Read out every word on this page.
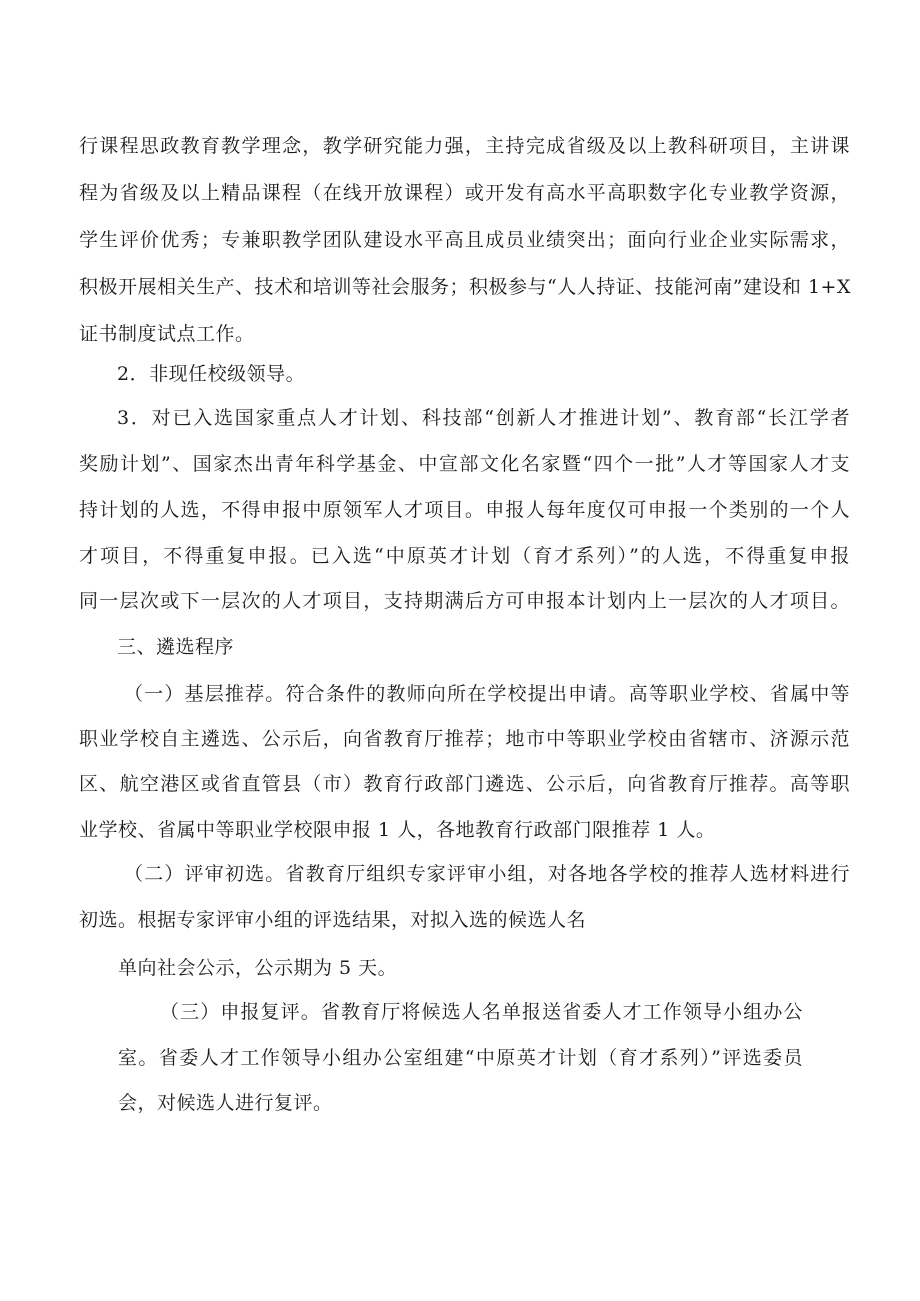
行课程思政教育教学理念，教学研究能力强，主持完成省级及以上教科研项目，主讲课

程为省级及以上精品课程（在线开放课程）或开发有高水平高职数字化专业教学资源，

学生评价优秀；专兼职教学团队建设水平高且成员业绩突出；面向行业企业实际需求，

积极开展相关生产、技术和培训等社会服务；积极参与“人人持证、技能河南”建设和 1+X

证书制度试点工作。

2．非现任校级领导。

3．对已入选国家重点人才计划、科技部“创新人才推进计划”、教育部“长江学者

奖励计划”、国家杰出青年科学基金、中宣部文化名家暨“四个一批”人才等国家人才支

持计划的人选，不得申报中原领军人才项目。申报人每年度仅可申报一个类别的一个人

才项目，不得重复申报。已入选“中原英才计划（育才系列）”的人选，不得重复申报

同一层次或下一层次的人才项目，支持期满后方可申报本计划内上一层次的人才项目。

三、遴选程序

（一）基层推荐。符合条件的教师向所在学校提出申请。高等职业学校、省属中等

职业学校自主遴选、公示后，向省教育厅推荐；地市中等职业学校由省辖市、济源示范

区、航空港区或省直管县（市）教育行政部门遴选、公示后，向省教育厅推荐。高等职

业学校、省属中等职业学校限申报 1 人，各地教育行政部门限推荐 1 人。

（二）评审初选。省教育厅组织专家评审小组，对各地各学校的推荐人选材料进行

初选。根据专家评审小组的评选结果，对拟入选的候选人名

单向社会公示，公示期为 5 天。

（三）申报复评。省教育厅将候选人名单报送省委人才工作领导小组办公

室。省委人才工作领导小组办公室组建“中原英才计划（育才系列）”评选委员

会，对候选人进行复评。
